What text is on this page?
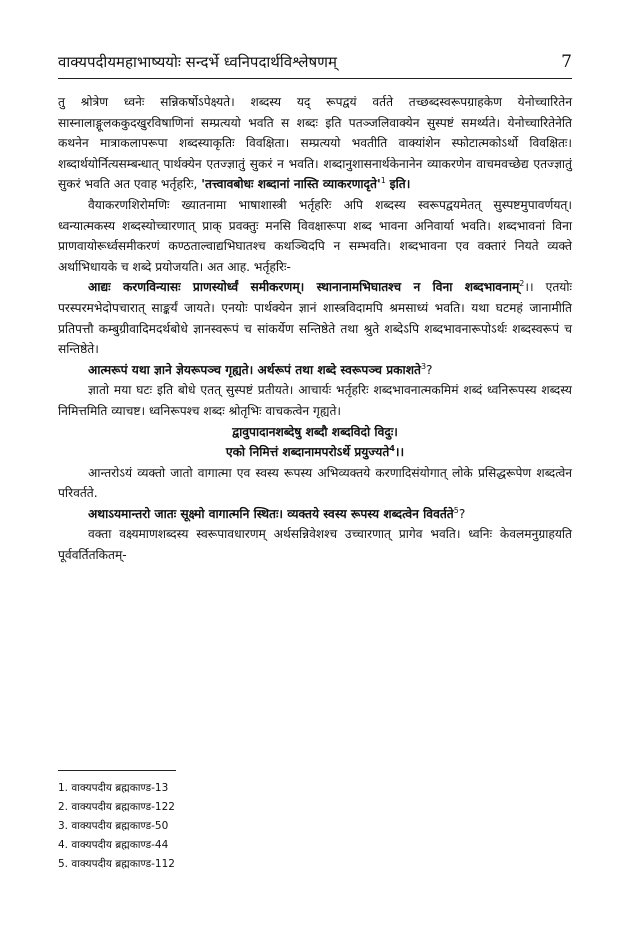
वाक्यपदीयमहाभाष्ययोः सन्दर्भे ध्वनिपदार्थविश्लेषणम्	7

तु श्रोत्रेण ध्वनेः सन्निकर्षोऽपेक्ष्यते। शब्दस्य यद् रूपद्वयं वर्तते तच्छब्दस्वरूपग्राहकेण येनोच्चारितेन सास्नालाङ्गूलककुदखुरविषाणिनां सम्प्रत्ययो भवति स शब्दः इति पतञ्जलिवाक्येन सुस्पष्टं समर्थ्यते। येनोच्चारितेनेति कथनेन मात्राकलापरूपा शब्दस्याकृतिः विवक्षिता। सम्प्रत्ययो भवतीति वाक्यांशेन स्फोटात्मकोऽर्थो विवक्षितः। शब्दार्थयोर्नित्यसम्बन्धात् पार्थक्येन एतज्ज्ञातुं सुकरं न भवति। शब्दानुशासनार्थकेनानेन व्याकरणेन वाचमवच्छेद्य एतज्ज्ञातुं सुकरं भवति अत एवाह भर्तृहरिः, 'तत्त्वावबोधः शब्दानां नास्ति $व्याकरणादृते'^1$ इति।

वैयाकरणशिरोमणिः ख्यातनामा भाषाशास्त्री भर्तृहरिः अपि शब्दस्य स्वरूपद्वयमेतत् सुस्पष्टमुपावर्णयत्। ध्वन्यात्मकस्य शब्दस्योच्चारणात् प्राक् प्रवक्तुः मनसि विवक्षारूपा शब्द भावना अनिवार्या भवति। शब्दभावनां विना प्राणवायोरूर्ध्वसमीकरणं कण्ठताल्वाद्यभिघातश्च कथञ्चिदपि न सम्भवति। शब्दभावना एव वक्तारं नियते व्यक्ते अर्थाभिधायके च शब्दे प्रयोजयति। अत आह. भर्तृहरिः-

आद्यः करणविन्यासः प्राणस्योर्ध्वं समीकरणम्। स्थानानामभिघातश्च न विना शब्दभावनाम्$^2$।। एतयोः परस्परमभेदोपचारात् साङ्कर्यं जायते। एनयोः पार्थक्येन ज्ञानं शास्त्रविदामपि श्रमसाध्यं भवति। यथा घटमहं जानामीति प्रतिपत्तौ कम्बुग्रीवादिमदर्थबोधे ज्ञानस्वरूपं च सांकर्येण सन्तिष्ठेते तथा श्रुते शब्देऽपि शब्दभावनारूपोऽर्थः शब्दस्वरूपं च सन्तिष्ठेते।

आत्मरूपं यथा ज्ञाने ज्ञेयरूपञ्च गृह्यते। अर्थरूपं तथा शब्दे स्वरूपञ्च प्रकाशते$^3$?

ज्ञातो मया घटः इति बोधे एतत् सुस्पष्टं प्रतीयते। आचार्यः भर्तृहरिः शब्दभावनात्मकमिमं शब्दं ध्वनिरूपस्य शब्दस्य निमित्तमिति व्याचष्ट। ध्वनिरूपश्च शब्दः श्रोतृभिः वाचकत्वेन गृह्यते।

द्वावुपादानशब्देषु शब्दौ शब्दविदो विदुः।

एको निमित्तं शब्दानामपरोऽर्थे प्रयुज्यते$^4$।।

आन्तरोऽयं व्यक्तो जातो वागात्मा एव स्वस्य रूपस्य अभिव्यक्तये करणादिसंयोगात् लोके प्रसिद्धरूपेण शब्दत्वेन परिवर्तते.

अथाऽयमान्तरो जातः सूक्ष्मो वागात्मनि स्थितः। व्यक्तये स्वस्य रूपस्य शब्दत्वेन विवर्तते$^5$?

वक्ता वक्ष्यमाणशब्दस्य स्वरूपावधारणम् अर्थसन्निवेशश्च उच्चारणात् प्रागेव भवति। ध्वनिः केवलमनुग्राहयति पूर्ववर्तितकितम्-

1. वाक्यपदीय ब्रह्मकाण्ड-13
2. वाक्यपदीय ब्रह्मकाण्ड-122
3. वाक्यपदीय ब्रह्मकाण्ड-50
4. वाक्यपदीय ब्रह्मकाण्ड-44
5. वाक्यपदीय ब्रह्मकाण्ड-112
